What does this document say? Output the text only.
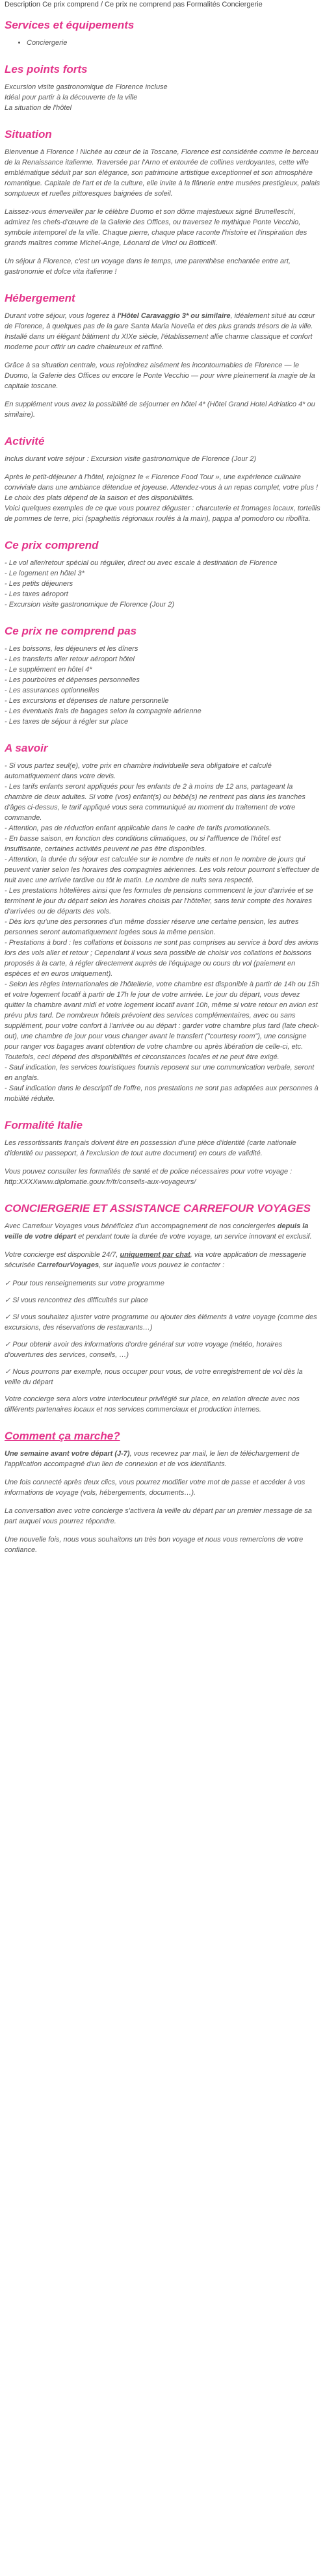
Description Ce prix comprend / Ce prix ne comprend pas Formalités Conciergerie
Services et équipements
• Conciergerie
Les points forts
Excursion visite gastronomique de Florence incluse
Idéal pour partir à la découverte de la ville
La situation de l'hôtel
Situation

Bienvenue à Florence ! Nichée au cœur de la Toscane, Florence est considérée comme le berceau de la Renaissance italienne. Traversée par l'Arno et entourée de collines verdoyantes, cette ville emblématique séduit par son élégance, son patrimoine artistique exceptionnel et son atmosphère romantique. Capitale de l'art et de la culture, elle invite à la flânerie entre musées prestigieux, palais somptueux et ruelles pittoresques baignées de soleil.

Laissez-vous émerveiller par le célèbre Duomo et son dôme majestueux signé Brunelleschi, admirez les chefs-d'œuvre de la Galerie des Offices, ou traversez le mythique Ponte Vecchio, symbole intemporel de la ville. Chaque pierre, chaque place raconte l'histoire et l'inspiration des grands maîtres comme Michel-Ange, Léonard de Vinci ou Botticelli.

Un séjour à Florence, c'est un voyage dans le temps, une parenthèse enchantée entre art, gastronomie et dolce vita italienne !

Hébergement

Durant votre séjour, vous logerez à l'Hôtel Caravaggio 3* ou similaire, idéalement situé au cœur de Florence, à quelques pas de la gare Santa Maria Novella et des plus grands trésors de la ville. Installé dans un élégant bâtiment du XIXe siècle, l'établissement allie charme classique et confort moderne pour offrir un cadre chaleureux et raffiné.

Grâce à sa situation centrale, vous rejoindrez aisément les incontournables de Florence — le Duomo, la Galerie des Offices ou encore le Ponte Vecchio — pour vivre pleinement la magie de la capitale toscane.

En supplément vous avez la possibilité de séjourner en hôtel 4* (Hôtel Grand Hotel Adriatico 4* ou similaire).

Activité

Inclus durant votre séjour : Excursion visite gastronomique de Florence (Jour 2)

Après le petit-déjeuner à l'hôtel, rejoignez le « Florence Food Tour », une expérience culinaire conviviale dans une ambiance détendue et joyeuse. Attendez-vous à un repas complet, votre plus ! Le choix des plats dépend de la saison et des disponibilités.

Voici quelques exemples de ce que vous pourrez déguster : charcuterie et fromages locaux, tortellis de pommes de terre, pici (spaghettis régionaux roulés à la main), pappa al pomodoro ou ribollita.

Ce prix comprend
- Le vol aller/retour spécial ou régulier, direct ou avec escale à destination de Florence
- Le logement en hôtel 3*
- Les petits déjeuners
- Les taxes aéroport
- Excursion visite gastronomique de Florence (Jour 2)
Ce prix ne comprend pas
- Les boissons, les déjeuners et les dîners
- Les transferts aller retour aéroport hôtel
- Le supplément en hôtel 4*
- Les pourboires et dépenses personnelles
- Les assurances optionnelles
- Les excursions et dépenses de nature personnelle
- Les éventuels frais de bagages selon la compagnie aérienne
- Les taxes de séjour à régler sur place
A savoir
- Si vous partez seul(e), votre prix en chambre individuelle sera obligatoire et calculé automatiquement dans votre devis.
- Les tarifs enfants seront appliqués pour les enfants de 2 à moins de 12 ans, partageant la chambre de deux adultes. Si votre (vos) enfant(s) ou bébé(s) ne rentrent pas dans les tranches d'âges ci-dessus, le tarif appliqué vous sera communiqué au moment du traitement de votre commande.
- Attention, pas de réduction enfant applicable dans le cadre de tarifs promotionnels.
- En basse saison, en fonction des conditions climatiques, ou si l'affluence de l'hôtel est insuffisante, certaines activités peuvent ne pas être disponibles.
- Attention, la durée du séjour est calculée sur le nombre de nuits et non le nombre de jours qui peuvent varier selon les horaires des compagnies aériennes. Les vols retour pourront s'effectuer de nuit avec une arrivée tardive ou tôt le matin. Le nombre de nuits sera respecté.
- Les prestations hôtelières ainsi que les formules de pensions commencent le jour d'arrivée et se terminent le jour du départ selon les horaires choisis par l'hôtelier, sans tenir compte des horaires d'arrivées ou de départs des vols.
- Dès lors qu'une des personnes d'un même dossier réserve une certaine pension, les autres personnes seront automatiquement logées sous la même pension.
- Prestations à bord : les collations et boissons ne sont pas comprises au service à bord des avions lors des vols aller et retour ; Cependant il vous sera possible de choisir vos collations et boissons proposés à la carte, à régler directement auprès de l'équipage ou cours du vol (paiement en espèces et en euros uniquement).
- Selon les règles internationales de l'hôtellerie, votre chambre est disponible à partir de 14h ou 15h et votre logement locatif à partir de 17h le jour de votre arrivée. Le jour du départ, vous devez quitter la chambre avant midi et votre logement locatif avant 10h, même si votre retour en avion est prévu plus tard. De nombreux hôtels prévoient des services complémentaires, avec ou sans supplément, pour votre confort à l'arrivée ou au départ : garder votre chambre plus tard (late check-out), une chambre de jour pour vous changer avant le transfert ("courtesy room"), une consigne pour ranger vos bagages avant obtention de votre chambre ou après libération de celle-ci, etc. Toutefois, ceci dépend des disponibilités et circonstances locales et ne peut être exigé.
- Sauf indication, les services touristiques fournis reposent sur une communication verbale, seront en anglais.
- Sauf indication dans le descriptif de l'offre, nos prestations ne sont pas adaptées aux personnes à mobilité réduite.
Formalité Italie

Les ressortissants français doivent être en possession d'une pièce d'identité (carte nationale d'identité ou passeport, à l'exclusion de tout autre document) en cours de validité.

Vous pouvez consulter les formalités de santé et de police nécessaires pour votre voyage : http:XXXXwww.diplomatie.gouv.fr/fr/conseils-aux-voyageurs/

CONCIERGERIE ET ASSISTANCE CARREFOUR VOYAGES

Avec Carrefour Voyages vous bénéficiez d'un accompagnement de nos conciergeries depuis la veille de votre départ et pendant toute la durée de votre voyage, un service innovant et exclusif.

Votre concierge est disponible 24/7, uniquement par chat, via votre application de messagerie sécurisée CarrefourVoyages, sur laquelle vous pouvez le contacter :

✓ Pour tous renseignements sur votre programme
✓ Si vous rencontrez des difficultés sur place
✓ Si vous souhaitez ajuster votre programme ou ajouter des éléments à votre voyage (comme des excursions, des réservations de restaurants…)
✓ Pour obtenir avoir des informations d'ordre général sur votre voyage (météo, horaires d'ouvertures des services, conseils, …)
✓ Nous pourrons par exemple, nous occuper pour vous, de votre enregistrement de vol dès la veille du départ

Votre concierge sera alors votre interlocuteur privilégié sur place, en relation directe avec nos différents partenaires locaux et nos services commerciaux et production internes.

Comment ça marche?

Une semaine avant votre départ (J-7), vous recevrez par mail, le lien de téléchargement de l'application accompagné d'un lien de connexion et de vos identifiants.

Une fois connecté après deux clics, vous pourrez modifier votre mot de passe et accéder à vos informations de voyage (vols, hébergements, documents…).

La conversation avec votre concierge s'activera la veille du départ par un premier message de sa part auquel vous pourrez répondre.

Une nouvelle fois, nous vous souhaitons un très bon voyage et nous vous remercions de votre confiance.
